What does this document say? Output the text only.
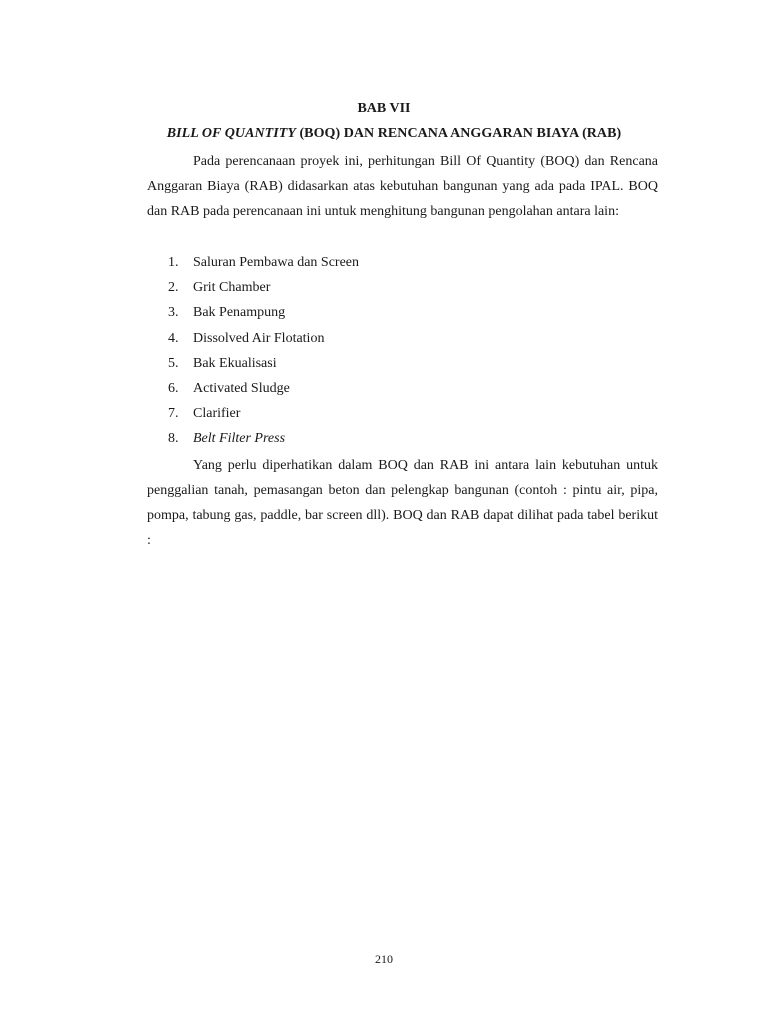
BAB VII
BILL OF QUANTITY (BOQ) DAN RENCANA ANGGARAN BIAYA (RAB)

Pada perencanaan proyek ini, perhitungan Bill Of Quantity (BOQ) dan Rencana Anggaran Biaya (RAB) didasarkan atas kebutuhan bangunan yang ada pada IPAL. BOQ dan RAB pada perencanaan ini untuk menghitung bangunan pengolahan antara lain:

1.	Saluran Pembawa dan Screen
2.	Grit Chamber
3.	Bak Penampung
4.	Dissolved Air Flotation
5.	Bak Ekualisasi
6.	Activated Sludge
7.	Clarifier
8.	Belt Filter Press

Yang perlu diperhatikan dalam BOQ dan RAB ini antara lain kebutuhan untuk penggalian tanah, pemasangan beton dan pelengkap bangunan (contoh : pintu air, pipa, pompa, tabung gas, paddle, bar screen dll). BOQ dan RAB dapat dilihat pada tabel berikut :

210
